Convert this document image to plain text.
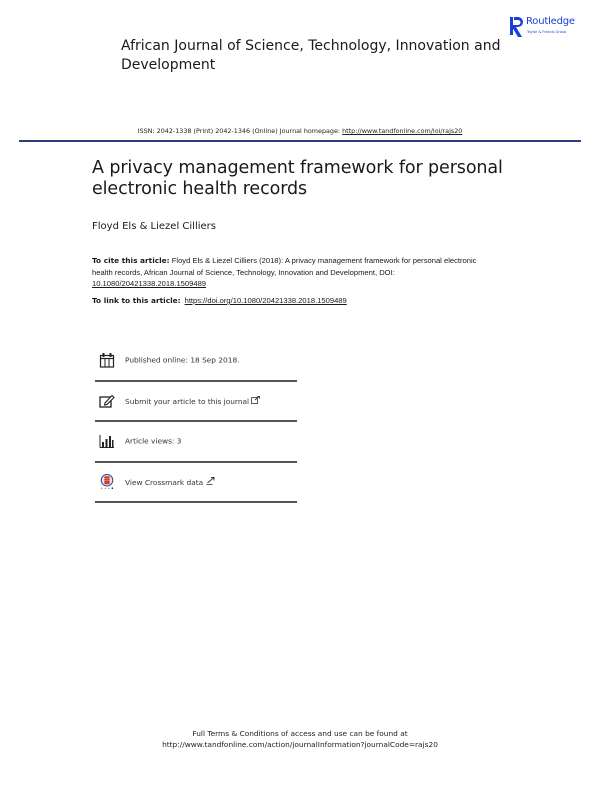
Routledge
Taylor & Francis Group
African Journal of Science, Technology, Innovation and Development
ISSN: 2042-1338 (Print) 2042-1346 (Online) Journal homepage: http://www.tandfonline.com/loi/rajs20
A privacy management framework for personal electronic health records
Floyd Els & Liezel Cilliers
To cite this article: Floyd Els & Liezel Cilliers (2018): A privacy management framework for personal electronic health records, African Journal of Science, Technology, Innovation and Development, DOI: 10.1080/20421338.2018.1509489
To link to this article: https://doi.org/10.1080/20421338.2018.1509489
Published online: 18 Sep 2018.
Submit your article to this journal
Article views: 3
View Crossmark data
Full Terms & Conditions of access and use can be found at
http://www.tandfonline.com/action/journalInformation?journalCode=rajs20
